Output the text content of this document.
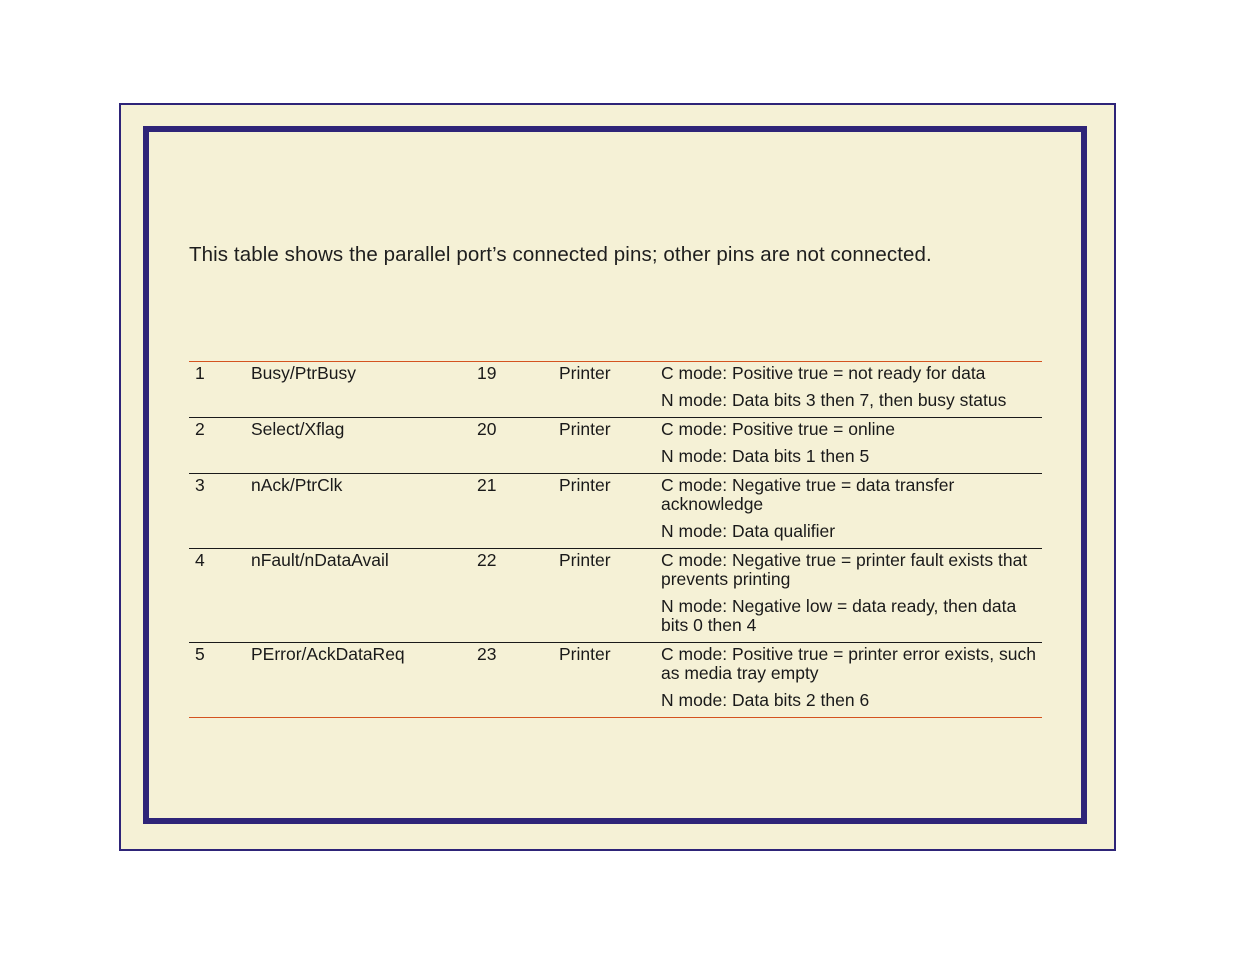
This table shows the parallel port’s connected pins; other pins are not connected.
1	Busy/PtrBusy	19	Printer	C mode: Positive true = not ready for data

N mode: Data bits 3 then 7, then busy status

2	Select/Xflag	20	Printer	C mode: Positive true = online

N mode: Data bits 1 then 5

3	nAck/PtrClk	21	Printer	C mode: Negative true = data transfer acknowledge

N mode: Data qualifier

4	nFault/nDataAvail	22	Printer	C mode: Negative true = printer fault exists that prevents printing

N mode: Negative low = data ready, then data bits 0 then 4

5	PError/AckDataReq	23	Printer	C mode: Positive true = printer error exists, such as media tray empty

N mode: Data bits 2 then 6
